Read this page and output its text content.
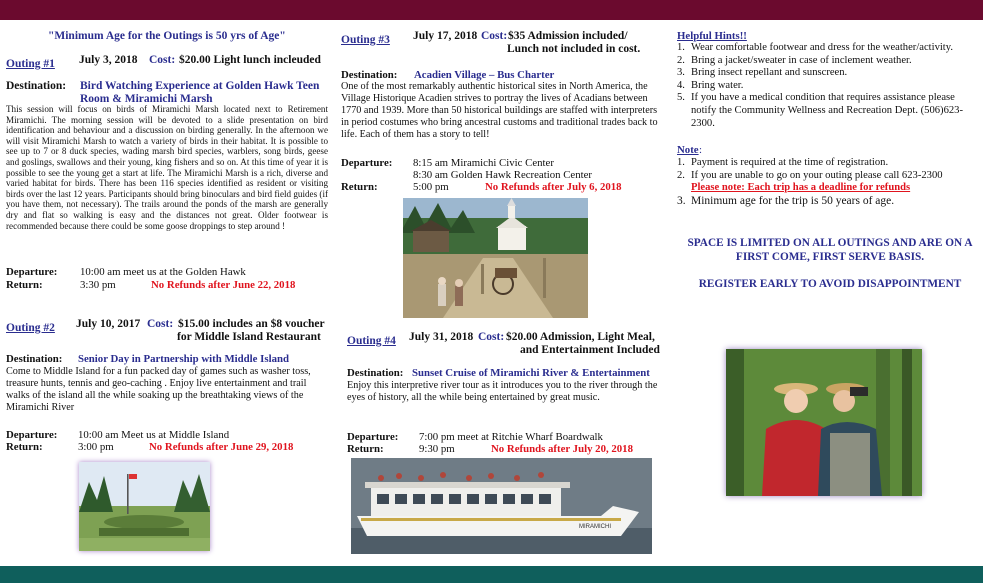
"Minimum Age for the Outings is 50 yrs of Age"
Outing #1 July 3, 2018 Cost: $20.00 Light lunch incleuded
Destination: Bird Watching Experience at Golden Hawk Teen
Room & Miramichi Marsh
This session will focus on birds of Miramichi Marsh located next to Retirement Miramichi. The morning session will be devoted to a slide presentation on bird identification and behaviour and a discussion on birding generally. In the afternoon we will visit Miramichi Marsh to watch a variety of birds in their habitat. It is possible to see up to 7 or 8 duck species, wading marsh bird species, warblers, song birds, geese and goslings, swallows and their young, king fishers and so on. At this time of year it is possible to see the young get a start at life. The Miramichi Marsh is a rich, diverse and varied habitat for birds. There has been 116 species identified as resident or visiting birds over the last 12 years. Participants should bring binoculars and bird field guides (if you have them, not necessary). The trails around the ponds of the marsh are generally dry and flat so walking is easy and the distances not great. Older footwear is recommended because there could be some goose droppings to step around !
Departure: 10:00 am meet us at the Golden Hawk
Return:	3:30 pm	No Refunds after June 22, 2018
Outing #2 July 10, 2017 Cost: $15.00 includes an $8 voucher
for Middle Island Restaurant
Destination: Senior Day in Partnership with Middle Island
Come to Middle Island for a fun packed day of games such as washer toss, treasure hunts, tennis and geo-caching . Enjoy live entertainment and trail walks of the island all the while soaking up the breathtaking views of the Miramichi River
Departure: 10:00 am Meet us at Middle Island
Return:	3:00 pm	No Refunds after June 29, 2018
Outing #3 July 17, 2018 Cost: $35 Admission included/
Lunch not included in cost.
Destination: Acadien Village – Bus Charter
One of the most remarkably authentic historical sites in North America, the Village Historique Acadien strives to portray the lives of Acadians between 1770 and 1939. More than 50 historical buildings are staffed with interpreters in period costumes who bring ancestral customs and traditional trades back to life. Each of them has a story to tell!
Departure: 8:15 am Miramichi Civic Center
8:30 am Golden Hawk Recreation Center
Return:	5:00 pm	No Refunds after July 6, 2018
Outing #4 July 31, 2018 Cost: $20.00 Admission, Light Meal,
and Entertainment Included
Destination: Sunset Cruise of Miramichi River & Entertainment
Enjoy this interpretive river tour as it introduces you to the river through the eyes of history, all the while being entertained by great music.
Departure: 7:00 pm meet at Ritchie Wharf Boardwalk
Return:	9:30 pm	No Refunds after July 20, 2018
MIRAMICHI
Helpful Hints!!
1. Wear comfortable footwear and dress for the weather/activity.
2. Bring a jacket/sweater in case of inclement weather.
3. Bring insect repellant and sunscreen.
4. Bring water.
5. If you have a medical condition that requires assistance please notify the Community Wellness and Recreation Dept. (506)623-2300.
Note :
1. Payment is required at the time of registration.
2. If you are unable to go on your outing please call 623-2300
Please note: Each trip has a deadline for refunds
3. Minimum age for the trip is 50 years of age.
SPACE IS LIMITED ON ALL OUTINGS AND ARE ON A FIRST COME, FIRST SERVE BASIS.
REGISTER EARLY TO AVOID DISAPPOINTMENT
